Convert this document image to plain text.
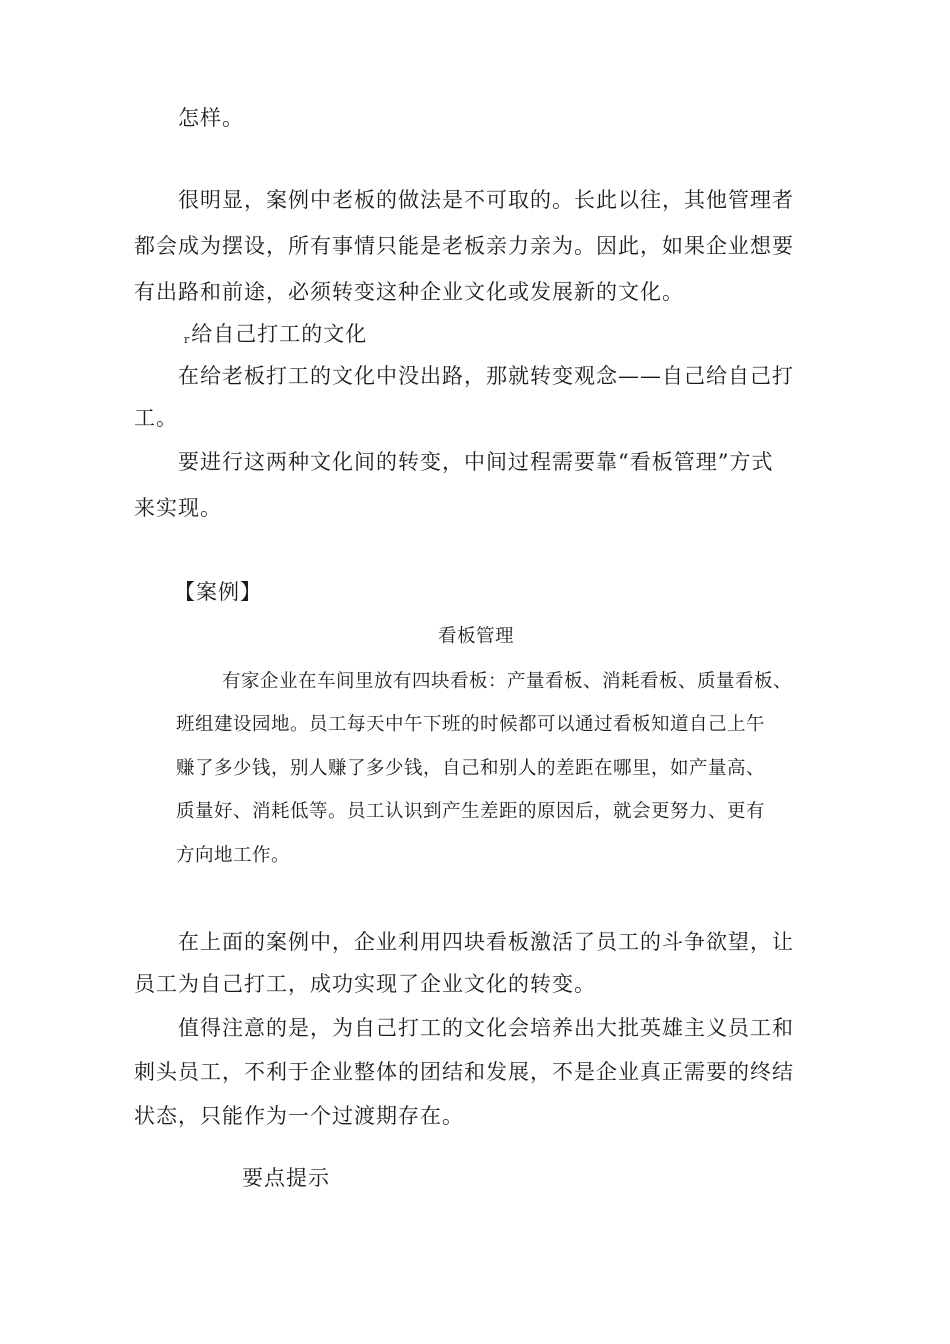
怎样。
很明显，案例中老板的做法是不可取的。长此以往，其他管理者
都会成为摆设，所有事情只能是老板亲力亲为。因此，如果企业想要
有出路和前途，必须转变这种企业文化或发展新的文化。
r给自己打工的文化
在给老板打工的文化中没出路，那就转变观念——自己给自己打
工。
要进行这两种文化间的转变，中间过程需要靠“看板管理”方式
来实现。
【案例】
看板管理
有家企业在车间里放有四块看板：产量看板、消耗看板、质量看板、
班组建设园地。员工每天中午下班的时候都可以通过看板知道自己上午
赚了多少钱，别人赚了多少钱，自己和别人的差距在哪里，如产量高、
质量好、消耗低等。员工认识到产生差距的原因后，就会更努力、更有
方向地工作。
在上面的案例中，企业利用四块看板激活了员工的斗争欲望，让
员工为自己打工，成功实现了企业文化的转变。
值得注意的是，为自己打工的文化会培养出大批英雄主义员工和
刺头员工，不利于企业整体的团结和发展，不是企业真正需要的终结
状态，只能作为一个过渡期存在。
要点提示
